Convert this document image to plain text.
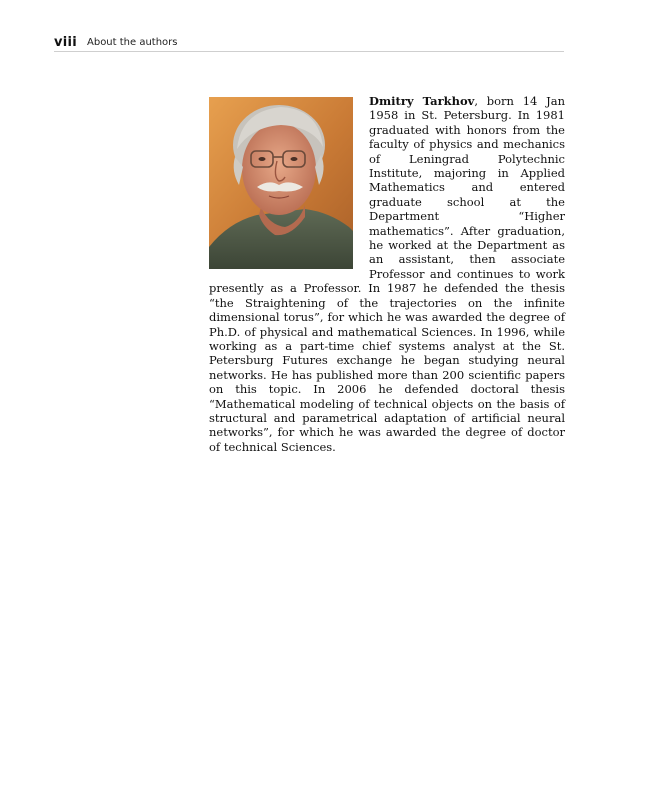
viii About the authors
Dmitry Tarkhov, born 14 Jan 1958 in St. Petersburg. In 1981 graduated with honors from the faculty of physics and mechanics of Leningrad Polytechnic Institute, majoring in Applied Mathematics and entered graduate school at the Department “Higher mathematics”. After graduation, he worked at the Department as an assistant, then associate Professor and continues to work presently as a Professor. In 1987 he defended the thesis “the Straightening of the trajectories on the infinite dimensional torus”, for which he was awarded the degree of Ph.D. of physical and mathematical Sciences. In 1996, while working as a part-time chief systems analyst at the St. Petersburg Futures exchange he began studying neural networks. He has published more than 200 scientific papers on this topic. In 2006 he defended doctoral thesis “Mathematical modeling of technical objects on the basis of structural and parametrical adaptation of artificial neural networks”, for which he was awarded the degree of doctor of technical Sciences.
